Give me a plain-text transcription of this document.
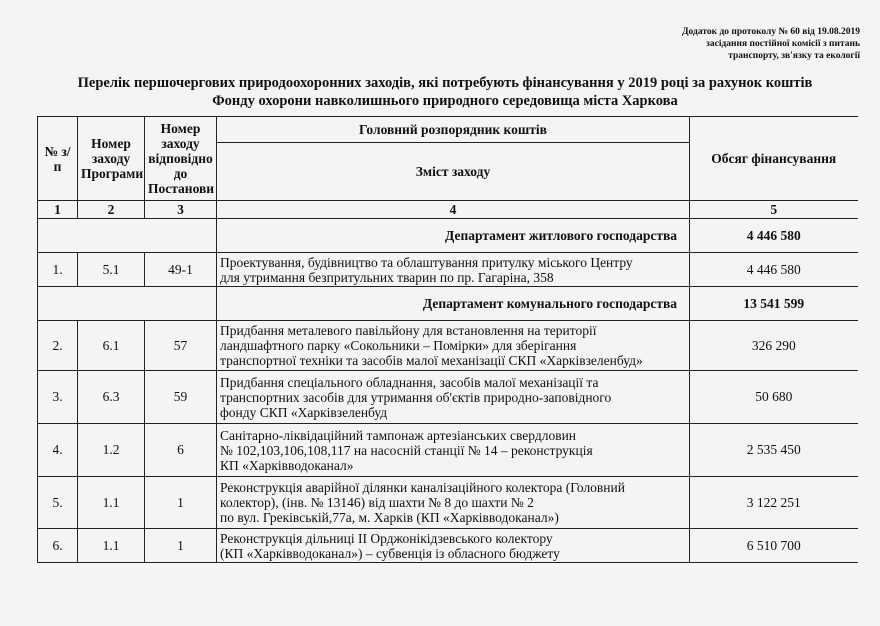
Додаток до протоколу № 60 від 19.08.2019
засідання постійної комісії з питань
транспорту, зв'язку та екології
Перелік першочергових природоохоронних заходів, які потребують фінансування у 2019 році за рахунок коштів
Фонду охорони навколишнього природного середовища міста Харкова
№ з/п	Номер заходу Програми	Номер заходу відповідно до Постанови	Головний розпорядник коштів	Обсяг фінансування
			Зміст заходу	
1	2	3	4	5
			Департамент житлового господарства	4 446 580
1.	5.1	49-1	Проектування, будівництво та облаштування притулку міського Центру
для утримання безпритульних тварин по пр. Гагаріна, 358	4 446 580
			Департамент комунального господарства	13 541 599
2.	6.1	57	Придбання металевого павільйону для встановлення на території
ландшафтного парку «Сокольники – Помірки» для зберігання
транспортної техніки та засобів малої механізації СКП «Харківзеленбуд»	326 290
3.	6.3	59	Придбання спеціального обладнання, засобів малої механізації та
транспортних засобів для утримання об'єктів природно-заповідного
фонду СКП «Харківзеленбуд	50 680
4.	1.2	6	Санітарно-ліквідаційний тампонаж артезіанських свердловин
№ 102,103,106,108,117 на насосній станції № 14 – реконструкція
КП «Харківводоканал»	2 535 450
5.	1.1	1	Реконструкція аварійної ділянки каналізаційного колектора (Головний
колектор), (інв. № 13146) від шахти № 8 до шахти № 2
по вул. Греківській,77а, м. Харків (КП «Харківводоканал»)	3 122 251
6.	1.1	1	Реконструкція дільниці II Орджонікідзевського колектору
(КП «Харківводоканал») – субвенція із обласного бюджету	6 510 700
